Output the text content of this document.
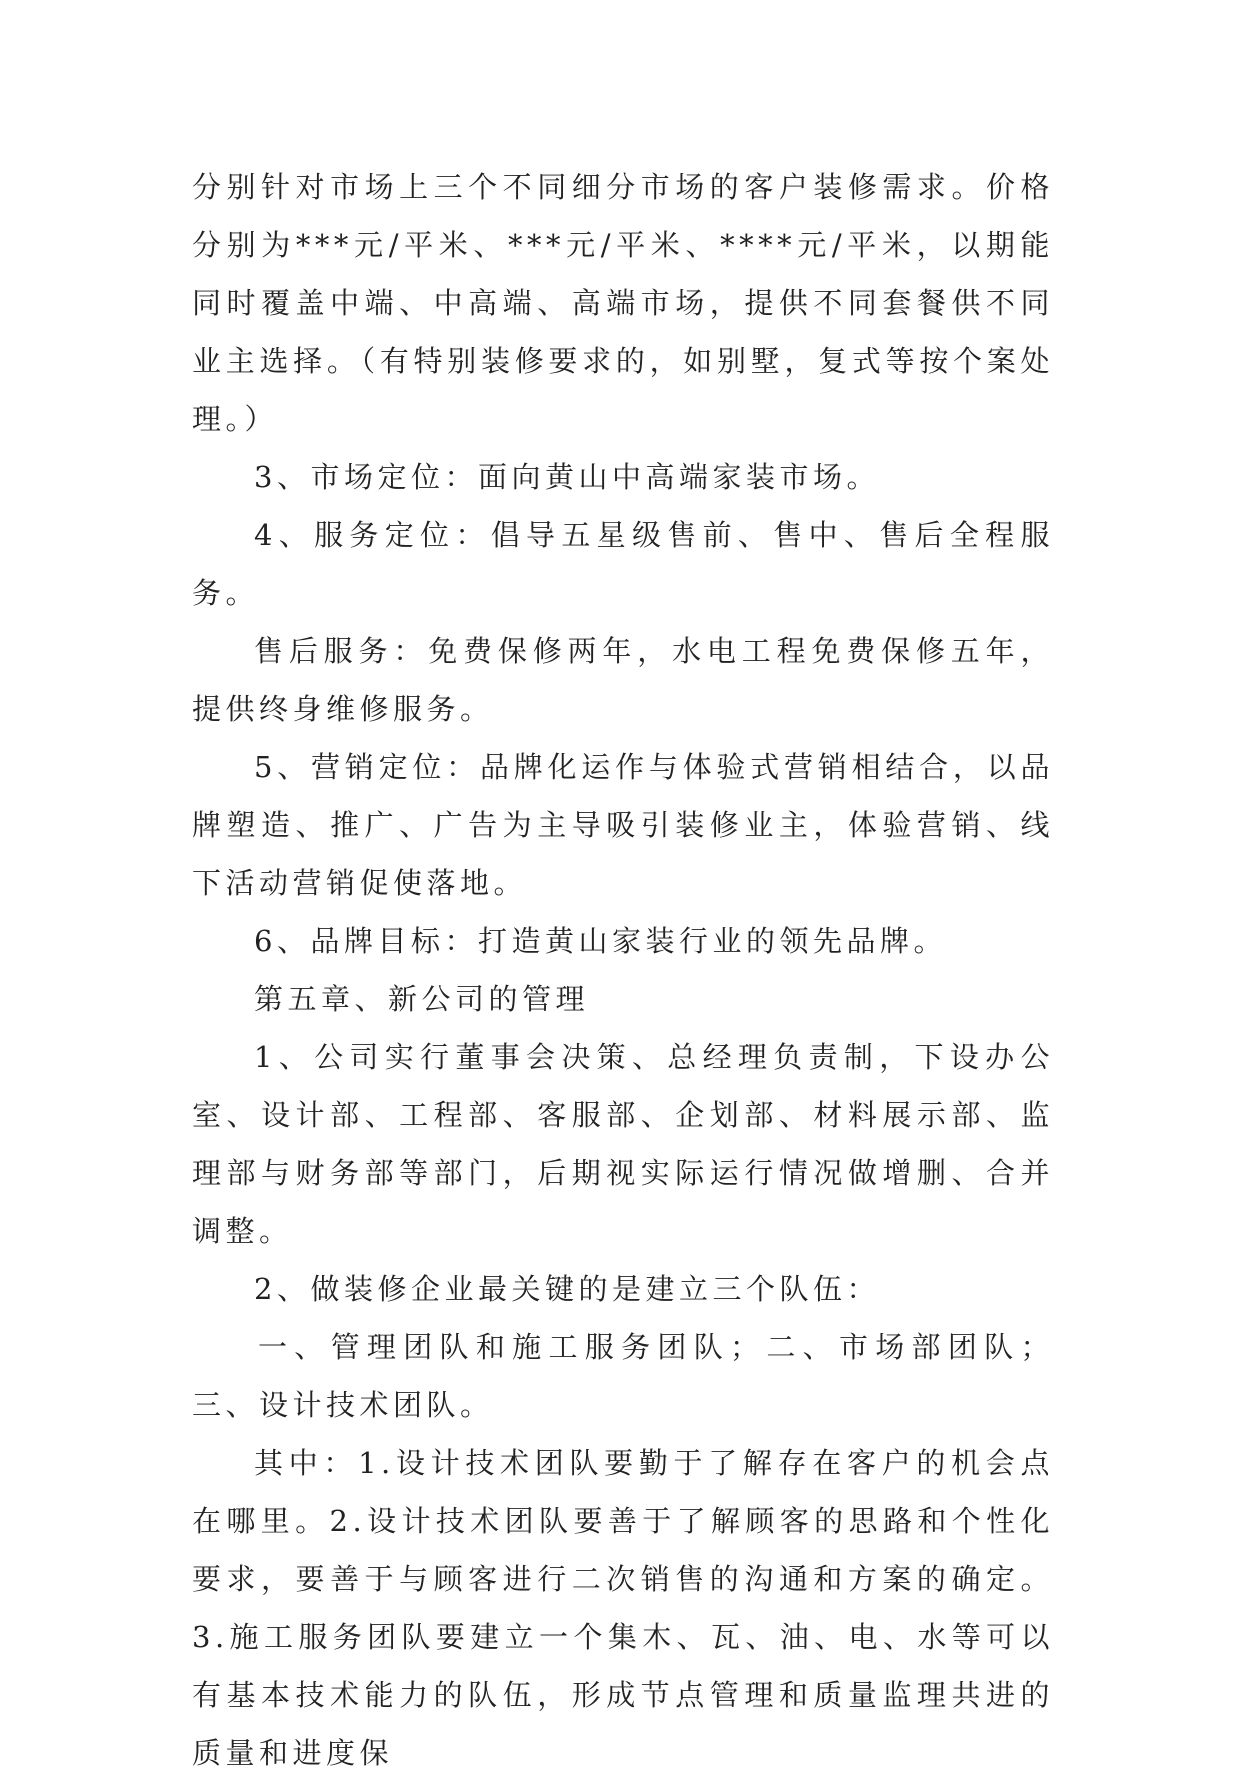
分别针对市场上三个不同细分市场的客户装修需求。价格分别为***元/平米、***元/平米、****元/平米，以期能同时覆盖中端、中高端、高端市场，提供不同套餐供不同业主选择。（有特别装修要求的，如别墅，复式等按个案处理。）

3、市场定位：面向黄山中高端家装市场。

4、服务定位：倡导五星级售前、售中、售后全程服务。

售后服务：免费保修两年，水电工程免费保修五年，提供终身维修服务。

5、营销定位：品牌化运作与体验式营销相结合，以品牌塑造、推广、广告为主导吸引装修业主，体验营销、线下活动营销促使落地。

6、品牌目标：打造黄山家装行业的领先品牌。

第五章、新公司的管理

1、公司实行董事会决策、总经理负责制，下设办公室、设计部、工程部、客服部、企划部、材料展示部、监理部与财务部等部门，后期视实际运行情况做增删、合并调整。

2、做装修企业最关键的是建立三个队伍：

一、管理团队和施工服务团队；二、市场部团队；三、设计技术团队。

其中：1.设计技术团队要勤于了解存在客户的机会点在哪里。2.设计技术团队要善于了解顾客的思路和个性化要求，要善于与顾客进行二次销售的沟通和方案的确定。3.施工服务团队要建立一个集木、瓦、油、电、水等可以有基本技术能力的队伍，形成节点管理和质量监理共进的质量和进度保
